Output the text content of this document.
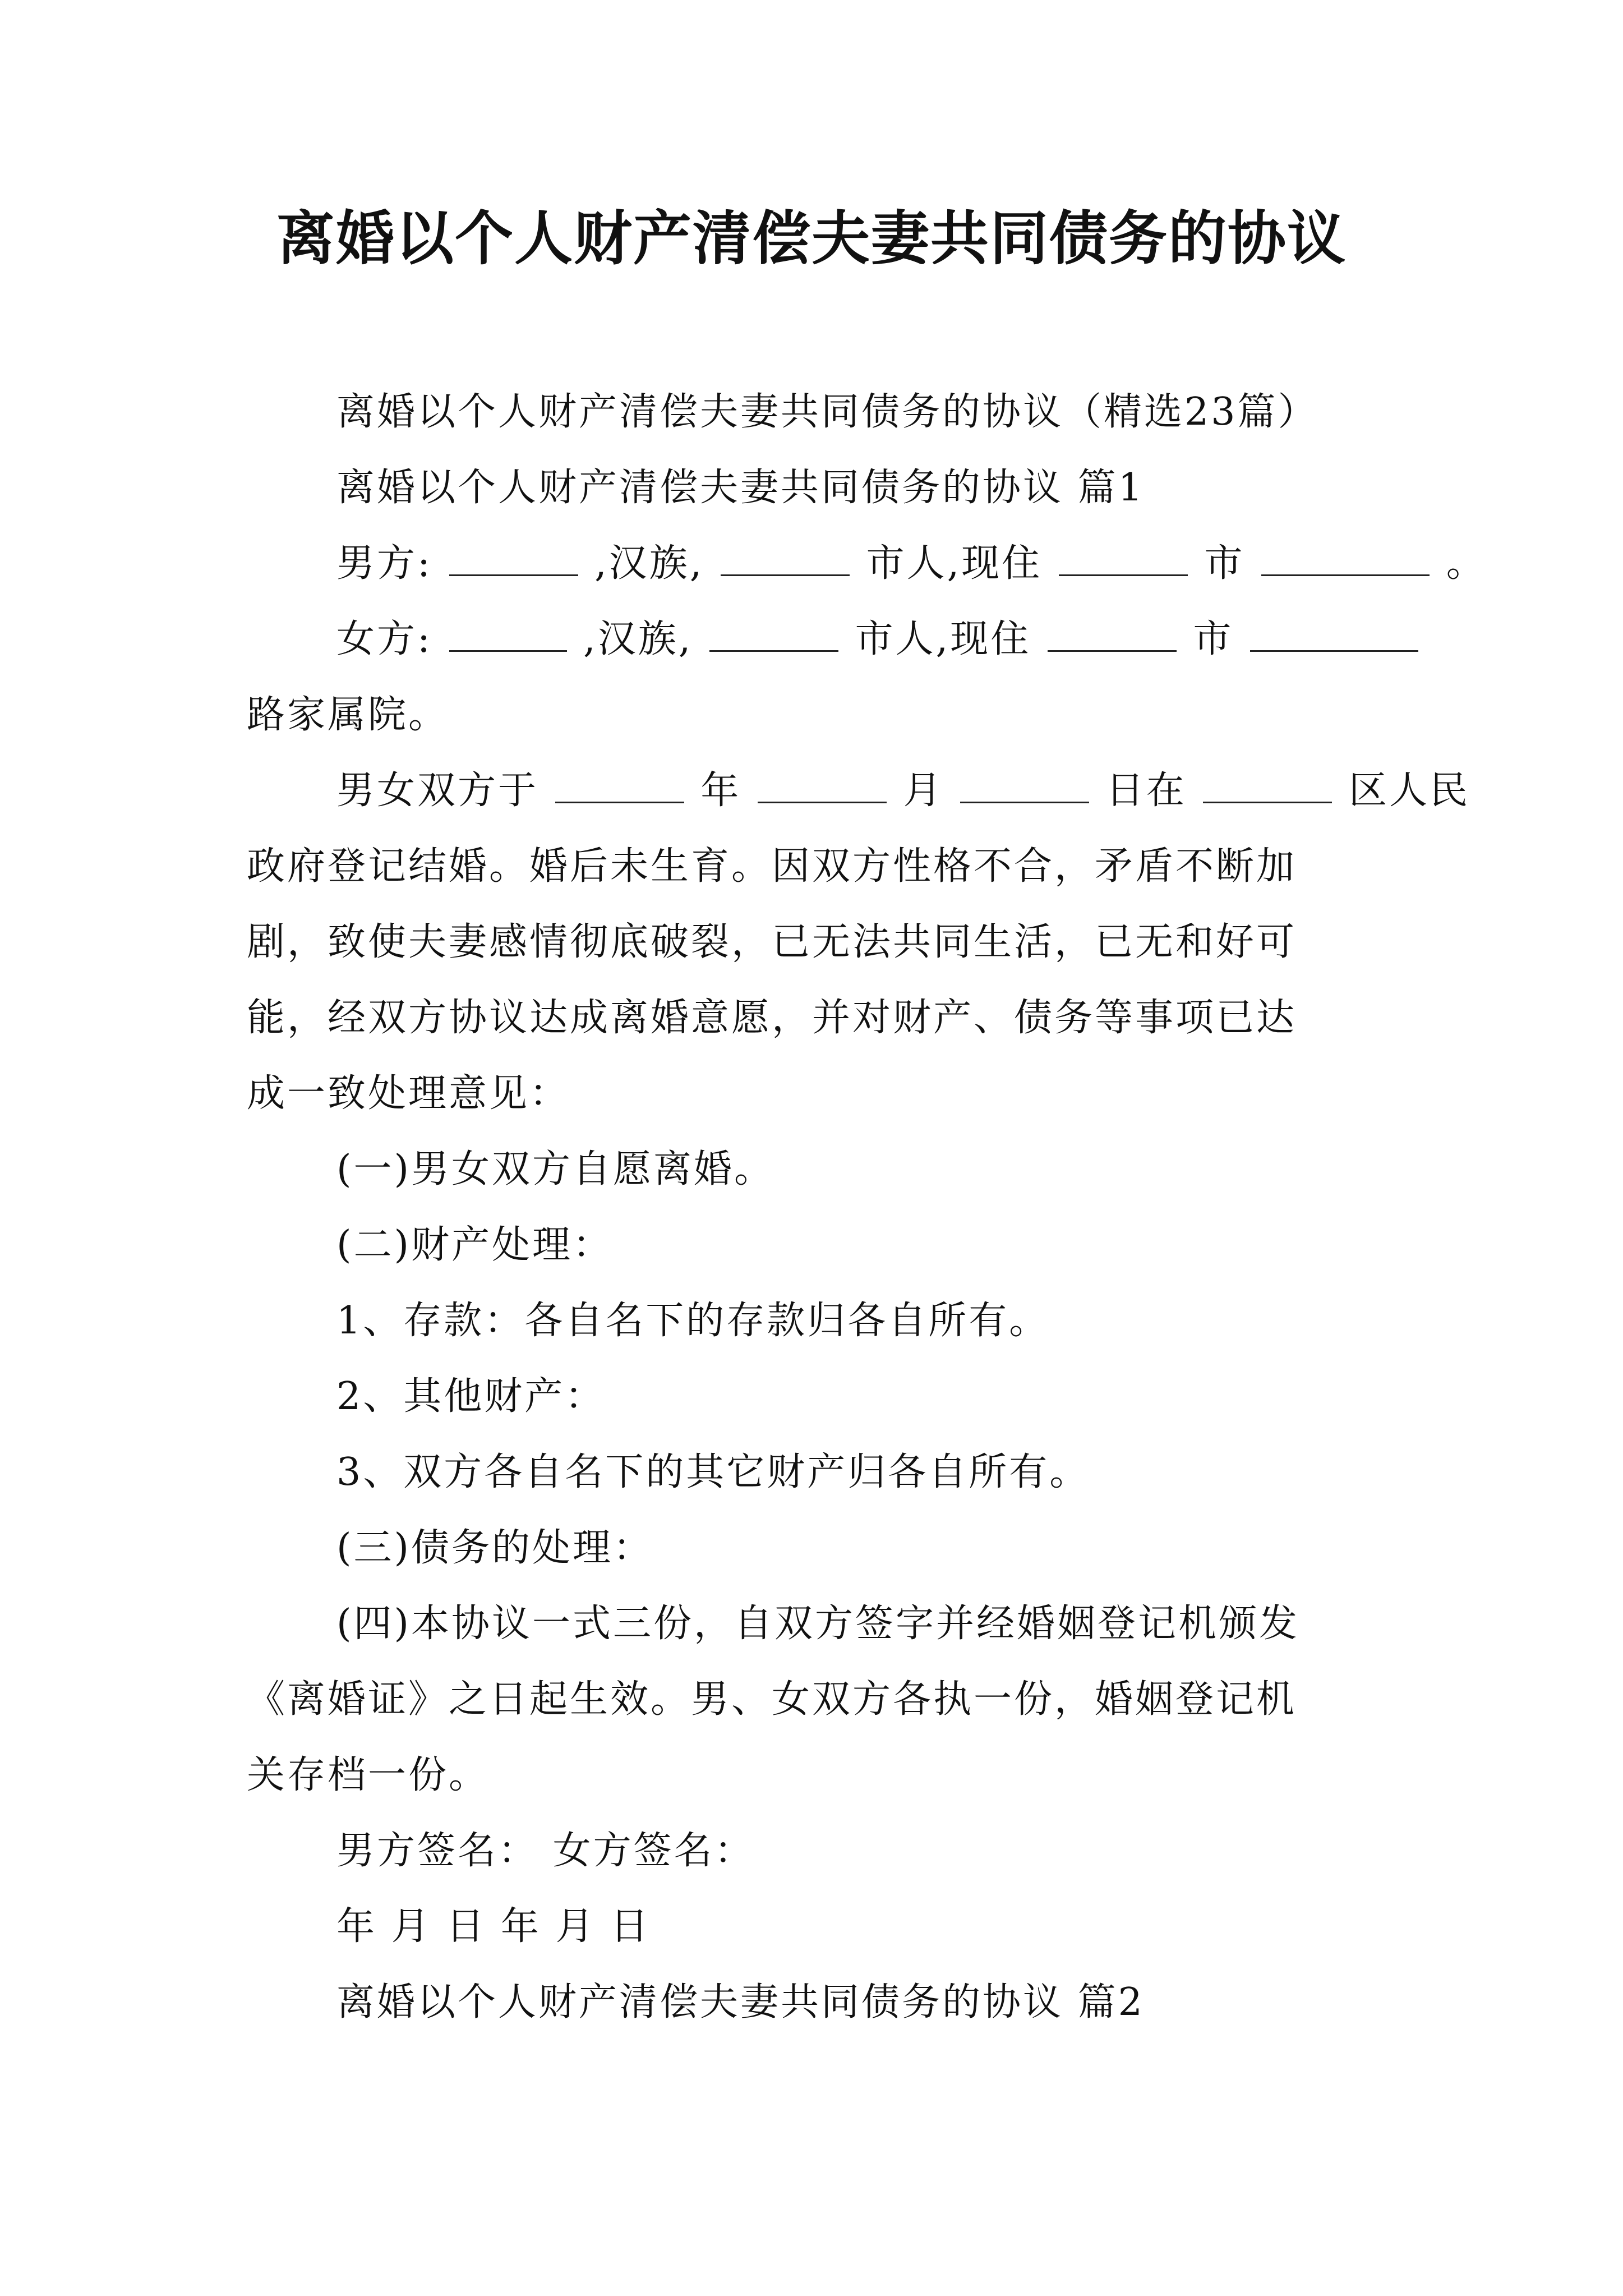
离婚以个人财产清偿夫妻共同债务的协议
离婚以个人财产清偿夫妻共同债务的协议（精选23篇）
离婚以个人财产清偿夫妻共同债务的协议 篇1
男方:	,汉族,	市人,现住	市	。
女方:	,汉族,	市人,现住	市
路家属院。
男女双方于	年	月	日在	区人民
政府登记结婚。婚后未生育。因双方性格不合，矛盾不断加
剧，致使夫妻感情彻底破裂，已无法共同生活，已无和好可
能，经双方协议达成离婚意愿，并对财产、债务等事项已达
成一致处理意见：
(一)男女双方自愿离婚。
(二)财产处理：
1、存款：各自名下的存款归各自所有。
2、其他财产：
3、双方各自名下的其它财产归各自所有。
(三)债务的处理：
(四)本协议一式三份，自双方签字并经婚姻登记机颁发
《离婚证》之日起生效。男、女双方各执一份，婚姻登记机
关存档一份。
男方签名： 女方签名：
年 月 日 年 月 日
离婚以个人财产清偿夫妻共同债务的协议 篇2
